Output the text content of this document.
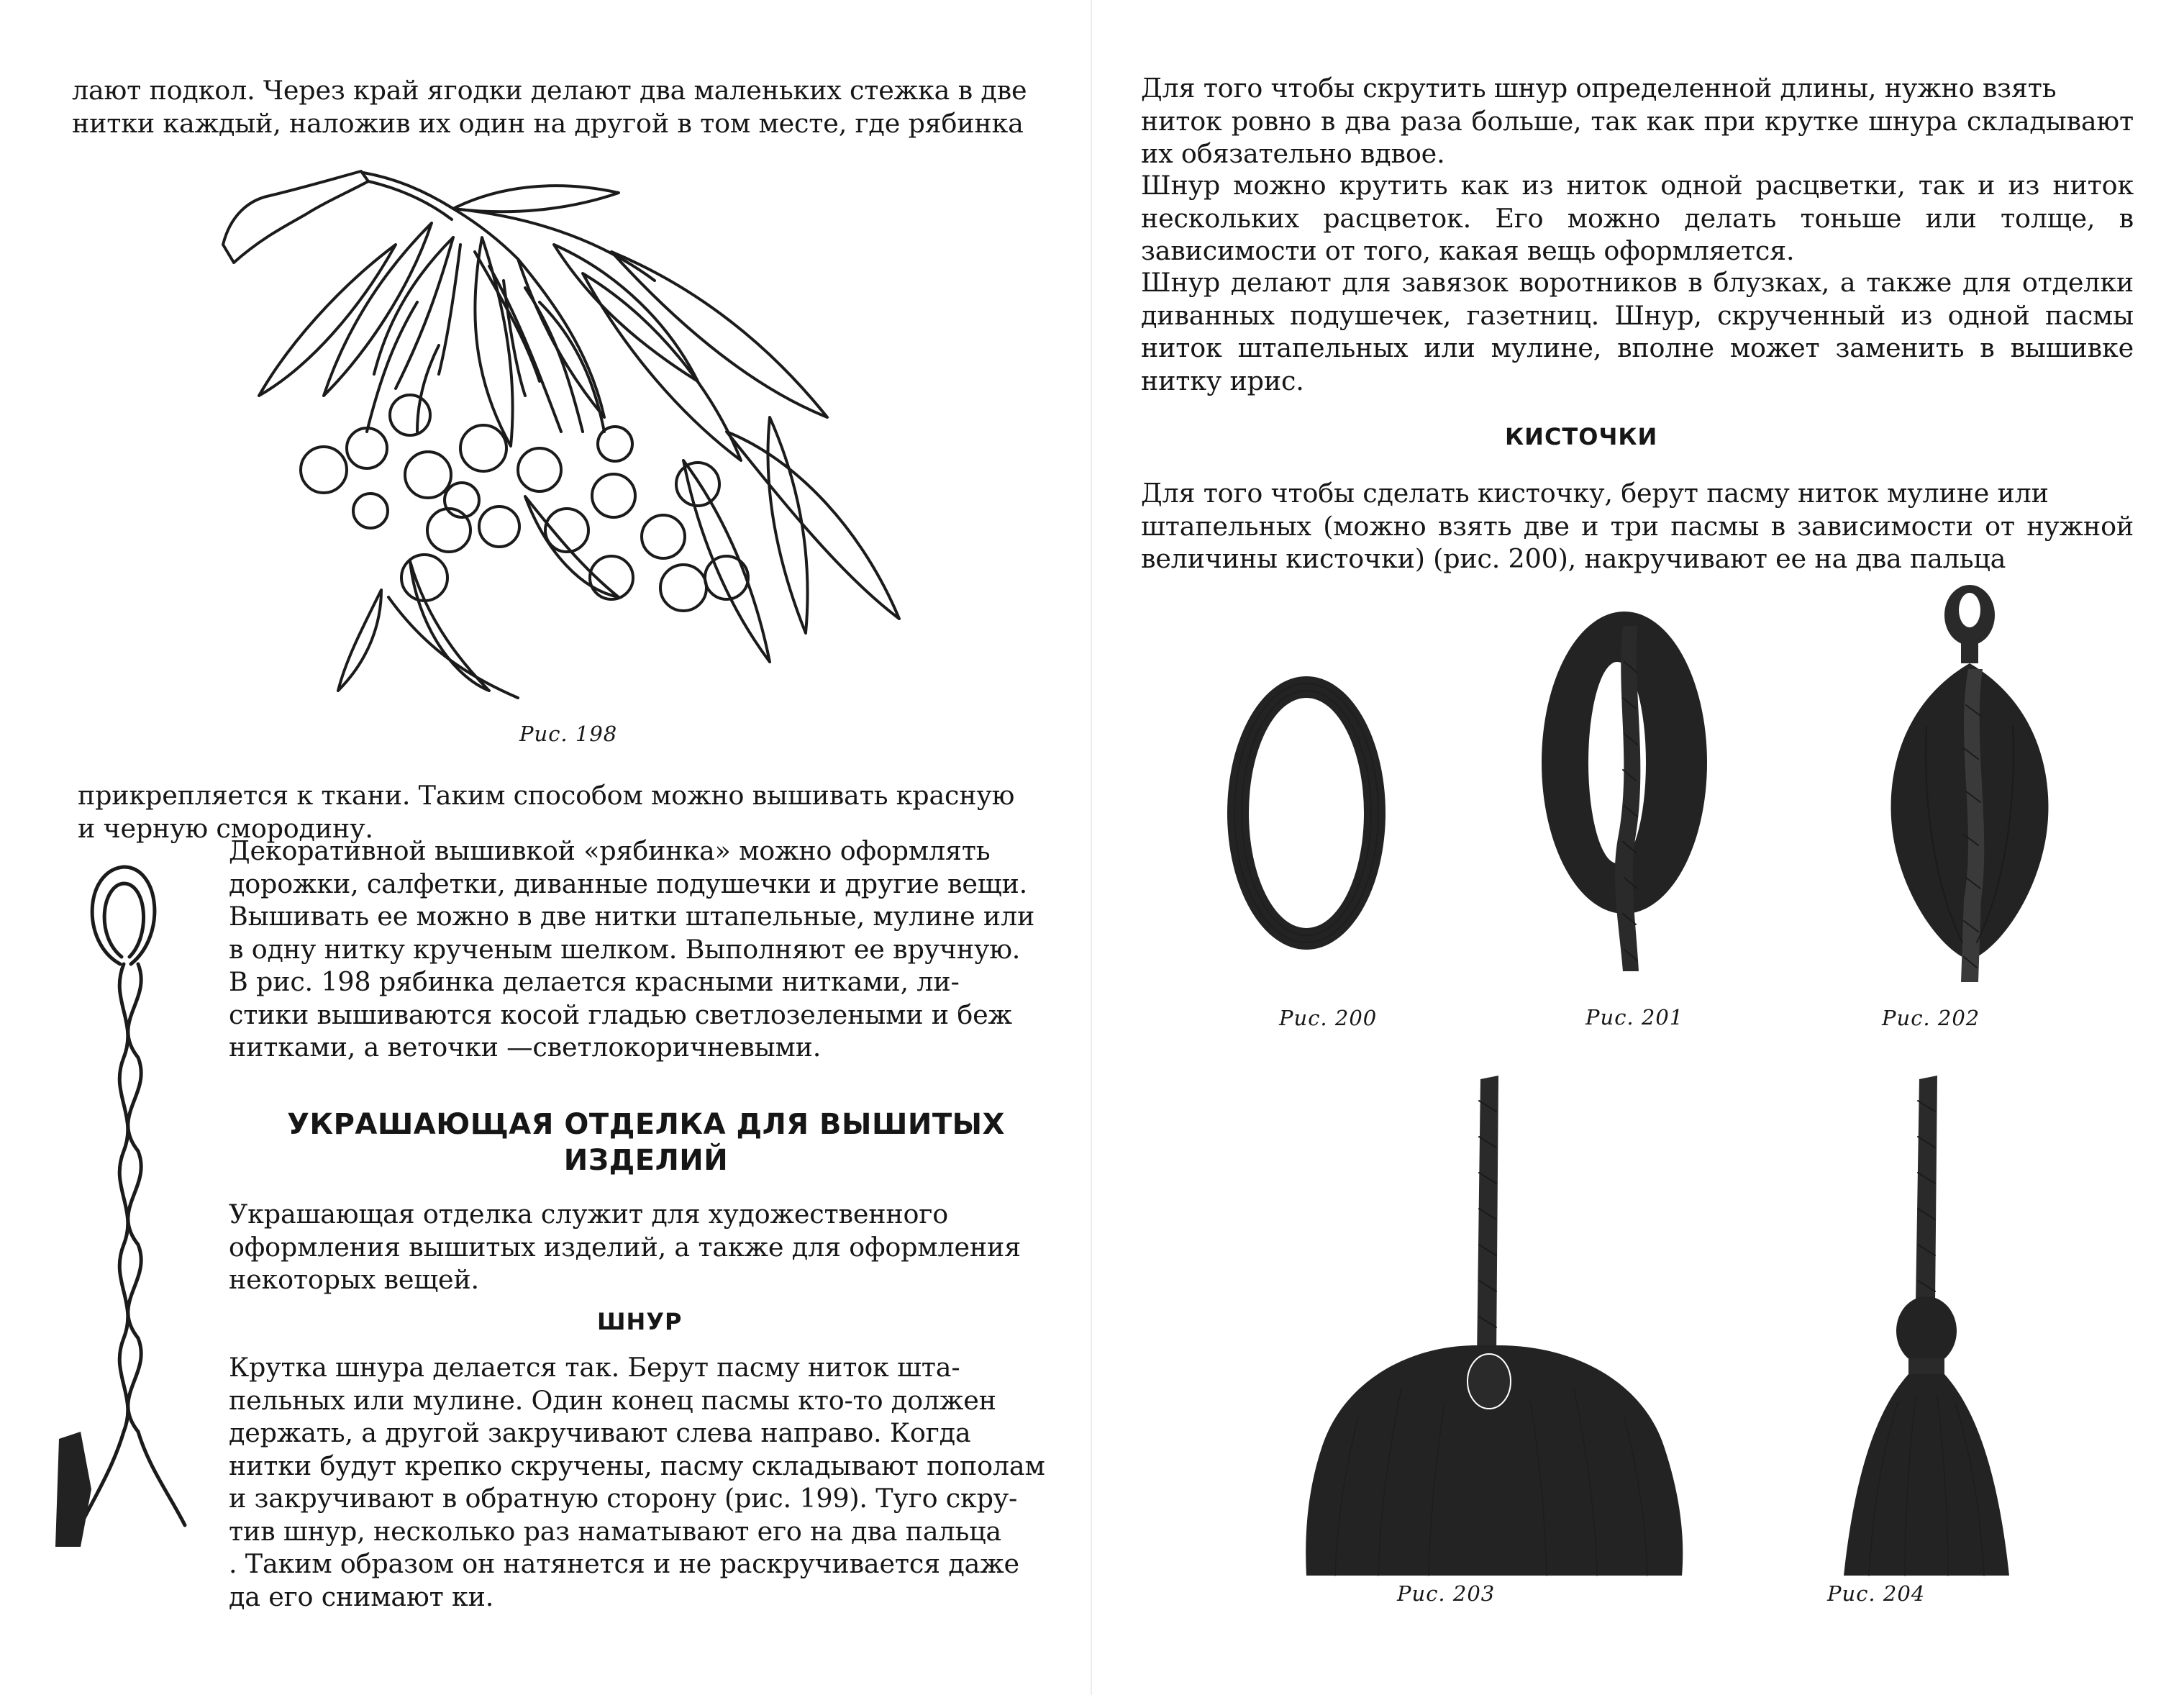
лают подкол. Через край ягодки делают два маленьких стежка в две
нитки каждый, наложив их один на другой в том месте, где рябинка

Рис. 198

прикрепляется к ткани. Таким способом можно вышивать красную
и черную смородину.

Декоративной вышивкой «рябинка» можно оформлять
дорожки, салфетки, диванные подушечки и другие вещи.
Вышивать ее можно в две нитки штапельные, мулине или
в одну нитку крученым шелком. Выполняют ее вручную.

В рис. 198 рябинка делается красными нитками, ли-
стики вышиваются косой гладью светлозелеными и беж
нитками, а веточки —светлокоричневыми.

УКРАШАЮЩАЯ ОТДЕЛКА ДЛЯ ВЫШИТЫХ
ИЗДЕЛИЙ

Украшающая отделка служит для художественного
оформления вышитых изделий, а также для оформления
некоторых вещей.

ШНУР

Крутка шнура делается так. Берут пасму ниток шта-
пельных или мулине. Один конец пасмы кто-то должен
держать, а другой закручивают слева направо. Когда
нитки будут крепко скручены, пасму складывают пополам
и закручивают в обратную сторону (рис. 199). Туго скру-
тив шнур, несколько раз наматывают его на два пальца
. Таким образом он натянется и не раскручивается даже
да его снимают ки.

Для того чтобы скрутить шнур определенной длины, нужно взять
ниток ровно в два раза больше, так как при крутке шнура складывают их обязательно вдвое.

Шнур можно крутить как из ниток одной расцветки, так и из ниток нескольких расцветок. Его можно делать тоньше или толще, в зависимости от того, какая вещь оформляется.

Шнур делают для завязок воротников в блузках, а также для отделки диванных подушечек, газетниц. Шнур, скрученный из одной пасмы ниток штапельных или мулине, вполне может заменить в вышивке нитку ирис.

КИСТОЧКИ

Для того чтобы сделать кисточку, берут пасму ниток мулине или
штапельных (можно взять две и три пасмы в зависимости от нужной величины кисточки) (рис. 200), накручивают ее на два пальца

Рис. 200	Рис. 201	Рис. 202

Рис. 203	Рис. 204
